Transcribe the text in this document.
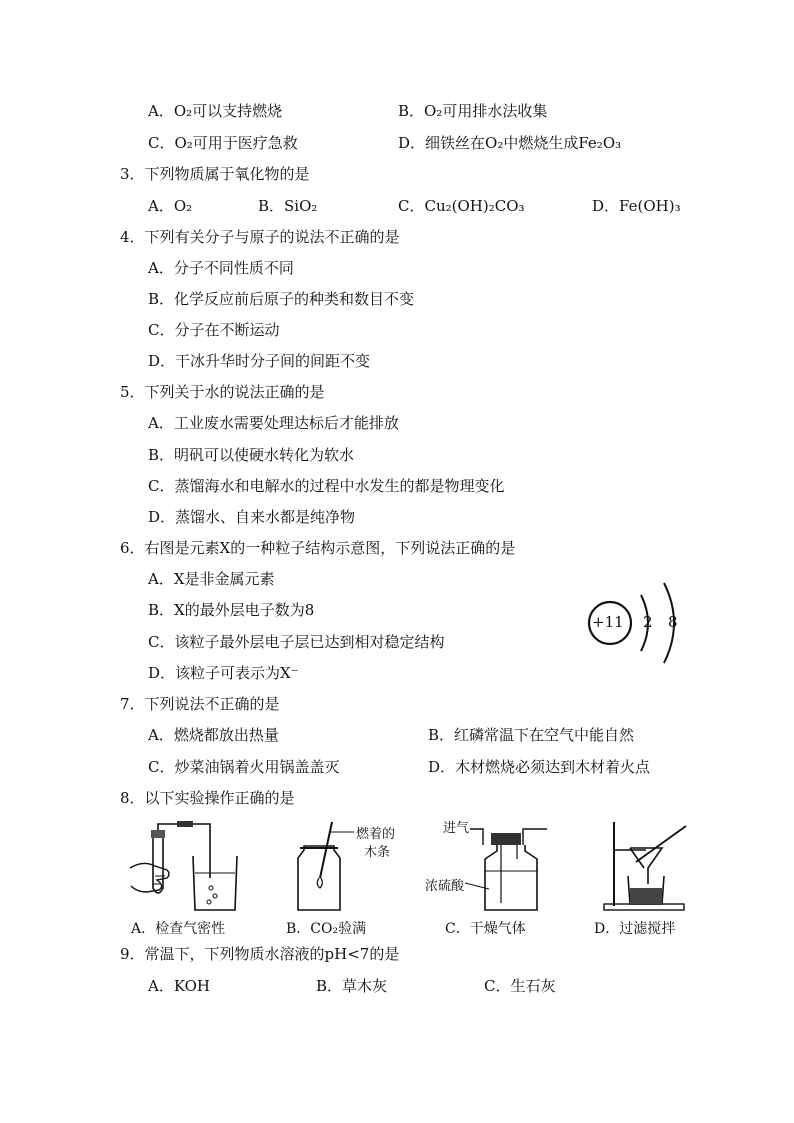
A．O₂可以支持燃烧	B．O₂可用排水法收集
C．O₂可用于医疗急救	D．细铁丝在O₂中燃烧生成Fe₂O₃
3．下列物质属于氧化物的是
A．O₂	B．SiO₂	C．Cu₂(OH)₂CO₃	D．Fe(OH)₃
4．下列有关分子与原子的说法不正确的是
A．分子不同性质不同
B．化学反应前后原子的种类和数目不变
C．分子在不断运动
D．干冰升华时分子间的间距不变
5．下列关于水的说法正确的是
A．工业废水需要处理达标后才能排放
B．明矾可以使硬水转化为软水
C．蒸馏海水和电解水的过程中水发生的都是物理变化
D．蒸馏水、自来水都是纯净物
6．右图是元素X的一种粒子结构示意图，下列说法正确的是
A．X是非金属元素
B．X的最外层电子数为8
C．该粒子最外层电子层已达到相对稳定结构
D．该粒子可表示为X⁻
+11 2 8
7．下列说法不正确的是
A．燃烧都放出热量	B．红磷常温下在空气中能自然
C．炒菜油锅着火用锅盖盖灭	D．木材燃烧必须达到木材着火点
8．以下实验操作正确的是
A．检查气密性
燃着的
木条
B．CO₂验满
进气
浓硫酸
C．干燥气体	D．过滤搅拌
9．常温下，下列物质水溶液的pH<7的是
A．KOH	B．草木灰	C．生石灰
